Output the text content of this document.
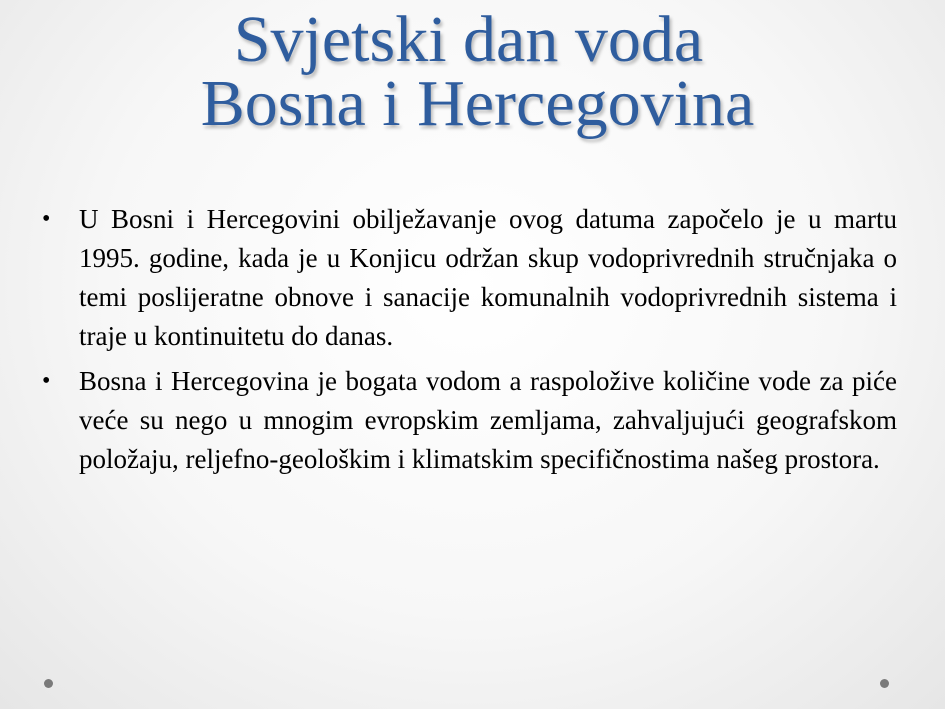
Svjetski dan voda
Bosna i Hercegovina
• U Bosni i Hercegovini obilježavanje ovog datuma započelo je u martu 1995. godine, kada je u Konjicu održan skup vodoprivrednih stručnjaka o temi poslijeratne obnove i sanacije komunalnih vodoprivrednih sistema i traje u kontinuitetu do danas.
• Bosna i Hercegovina je bogata vodom a raspoložive količine vode za piće veće su nego u mnogim evropskim zemljama, zahvaljujući geografskom položaju, reljefno-geološkim i klimatskim specifičnostima našeg prostora.
